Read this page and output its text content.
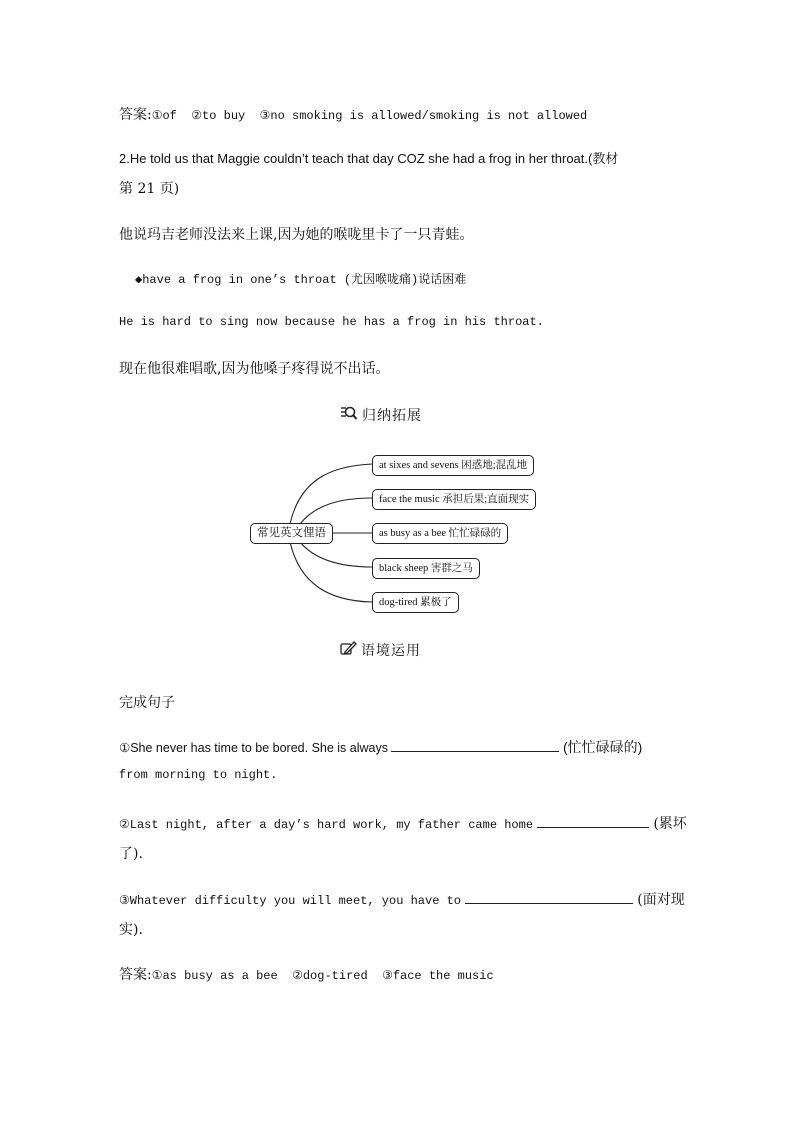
答案:①of  ②to buy  ③no smoking is allowed/smoking is not allowed
2.He told us that Maggie couldn’t teach that day COZ she had a frog in her throat.(教材
第 21 页)
他说玛吉老师没法来上课,因为她的喉咙里卡了一只青蛙。
◆have a frog in one’s throat (尤因喉咙痛)说话困难
He is hard to sing now because he has a frog in his throat.
现在他很难唱歌,因为他嗓子疼得说不出话。
归纳拓展
常见英文俚语
at sixes and sevens 困惑地;混乱地
face the music 承担后果;直面现实
as busy as a bee 忙忙碌碌的
black sheep 害群之马
dog-tired 累极了
语境运用
完成句子
①She never has time to be bored. She is always	(忙忙碌碌的)
from morning to night.
②Last night, after a day’s hard work, my father came home	(累坏
了).
③Whatever difficulty you will meet, you have to	(面对现
实).
答案:①as busy as a bee  ②dog-tired  ③face the music
